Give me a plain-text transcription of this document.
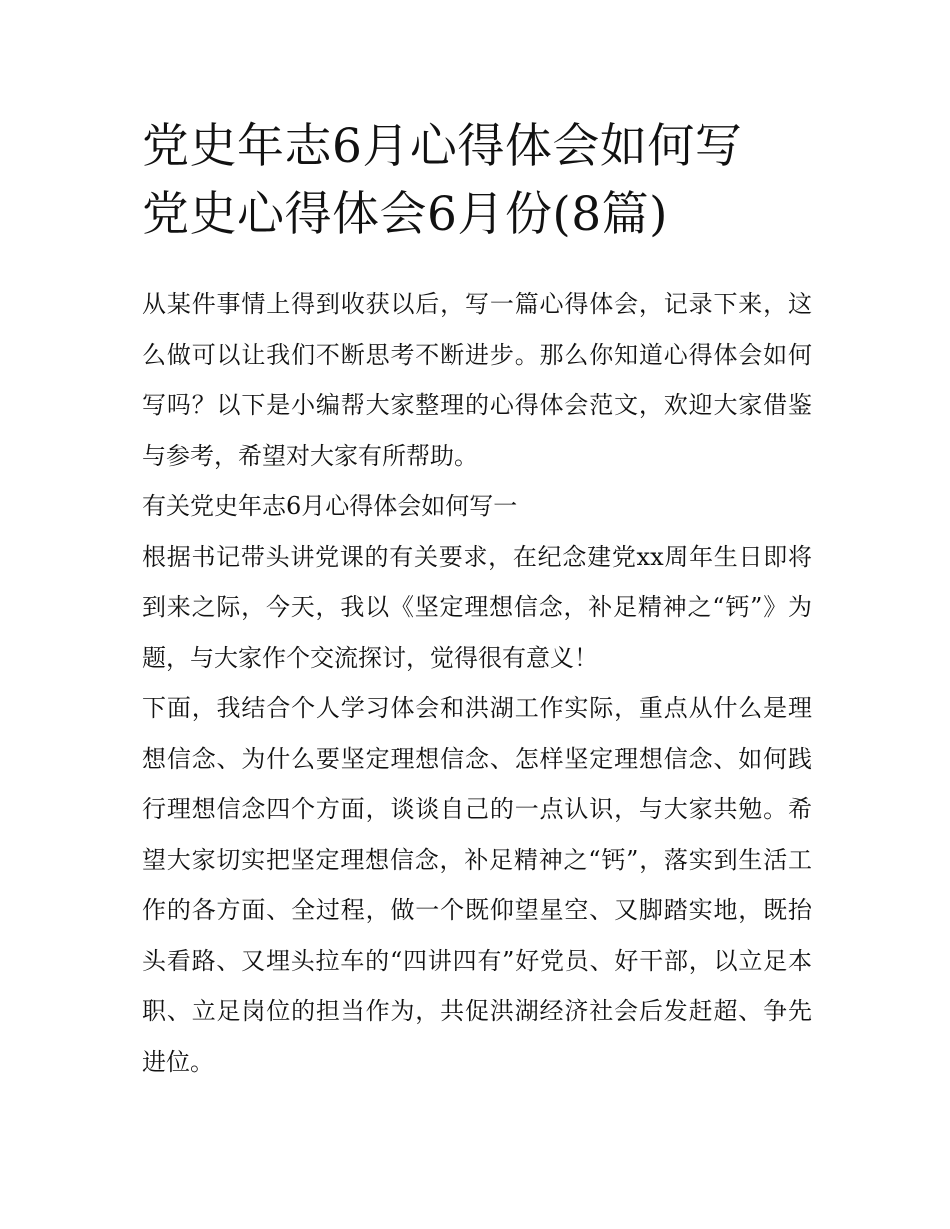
党史年志6月心得体会如何写
党史心得体会6月份(8篇)

从某件事情上得到收获以后，写一篇心得体会，记录下来，这么做可以让我们不断思考不断进步。那么你知道心得体会如何写吗？以下是小编帮大家整理的心得体会范文，欢迎大家借鉴与参考，希望对大家有所帮助。

有关党史年志6月心得体会如何写一

根据书记带头讲党课的有关要求，在纪念建党xx周年生日即将到来之际，今天，我以《坚定理想信念，补足精神之“钙”》为题，与大家作个交流探讨，觉得很有意义！

下面，我结合个人学习体会和洪湖工作实际，重点从什么是理想信念、为什么要坚定理想信念、怎样坚定理想信念、如何践行理想信念四个方面，谈谈自己的一点认识，与大家共勉。希望大家切实把坚定理想信念，补足精神之“钙”，落实到生活工作的各方面、全过程，做一个既仰望星空、又脚踏实地，既抬头看路、又埋头拉车的“四讲四有”好党员、好干部，以立足本职、立足岗位的担当作为，共促洪湖经济社会后发赶超、争先进位。
